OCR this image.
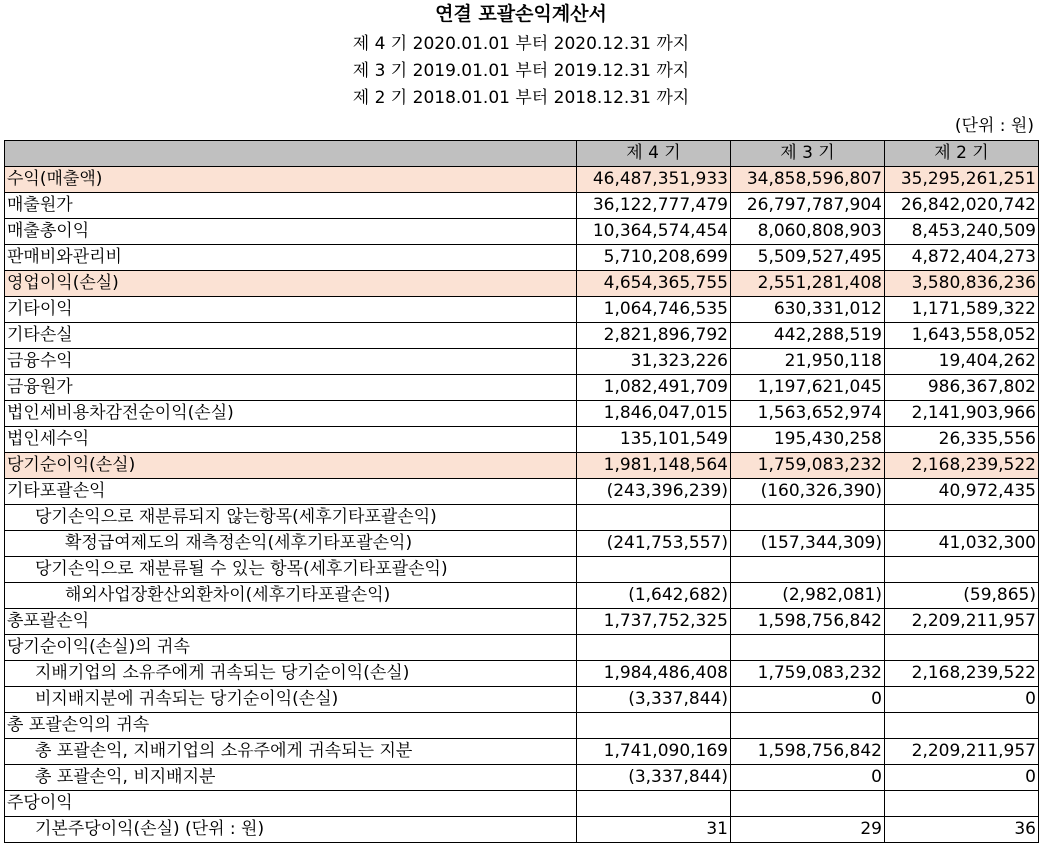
연결 포괄손익계산서
제 4 기 2020.01.01 부터 2020.12.31 까지
제 3 기 2019.01.01 부터 2019.12.31 까지
제 2 기 2018.01.01 부터 2018.12.31 까지
(단위 : 원)
	제 4 기	제 3 기	제 2 기
수익(매출액)	46,487,351,933	34,858,596,807	35,295,261,251
매출원가	36,122,777,479	26,797,787,904	26,842,020,742
매출총이익	10,364,574,454	8,060,808,903	8,453,240,509
판매비와관리비	5,710,208,699	5,509,527,495	4,872,404,273
영업이익(손실)	4,654,365,755	2,551,281,408	3,580,836,236
기타이익	1,064,746,535	630,331,012	1,171,589,322
기타손실	2,821,896,792	442,288,519	1,643,558,052
금융수익	31,323,226	21,950,118	19,404,262
금융원가	1,082,491,709	1,197,621,045	986,367,802
법인세비용차감전순이익(손실)	1,846,047,015	1,563,652,974	2,141,903,966
법인세수익	135,101,549	195,430,258	26,335,556
당기순이익(손실)	1,981,148,564	1,759,083,232	2,168,239,522
기타포괄손익	(243,396,239)	(160,326,390)	40,972,435
당기손익으로 재분류되지 않는항목(세후기타포괄손익)			
확정급여제도의 재측정손익(세후기타포괄손익)	(241,753,557)	(157,344,309)	41,032,300
당기손익으로 재분류될 수 있는 항목(세후기타포괄손익)			
해외사업장환산외환차이(세후기타포괄손익)	(1,642,682)	(2,982,081)	(59,865)
총포괄손익	1,737,752,325	1,598,756,842	2,209,211,957
당기순이익(손실)의 귀속			
지배기업의 소유주에게 귀속되는 당기순이익(손실)	1,984,486,408	1,759,083,232	2,168,239,522
비지배지분에 귀속되는 당기순이익(손실)	(3,337,844)	0	0
총 포괄손익의 귀속			
총 포괄손익, 지배기업의 소유주에게 귀속되는 지분	1,741,090,169	1,598,756,842	2,209,211,957
총 포괄손익, 비지배지분	(3,337,844)	0	0
주당이익			
기본주당이익(손실) (단위 : 원)	31	29	36
